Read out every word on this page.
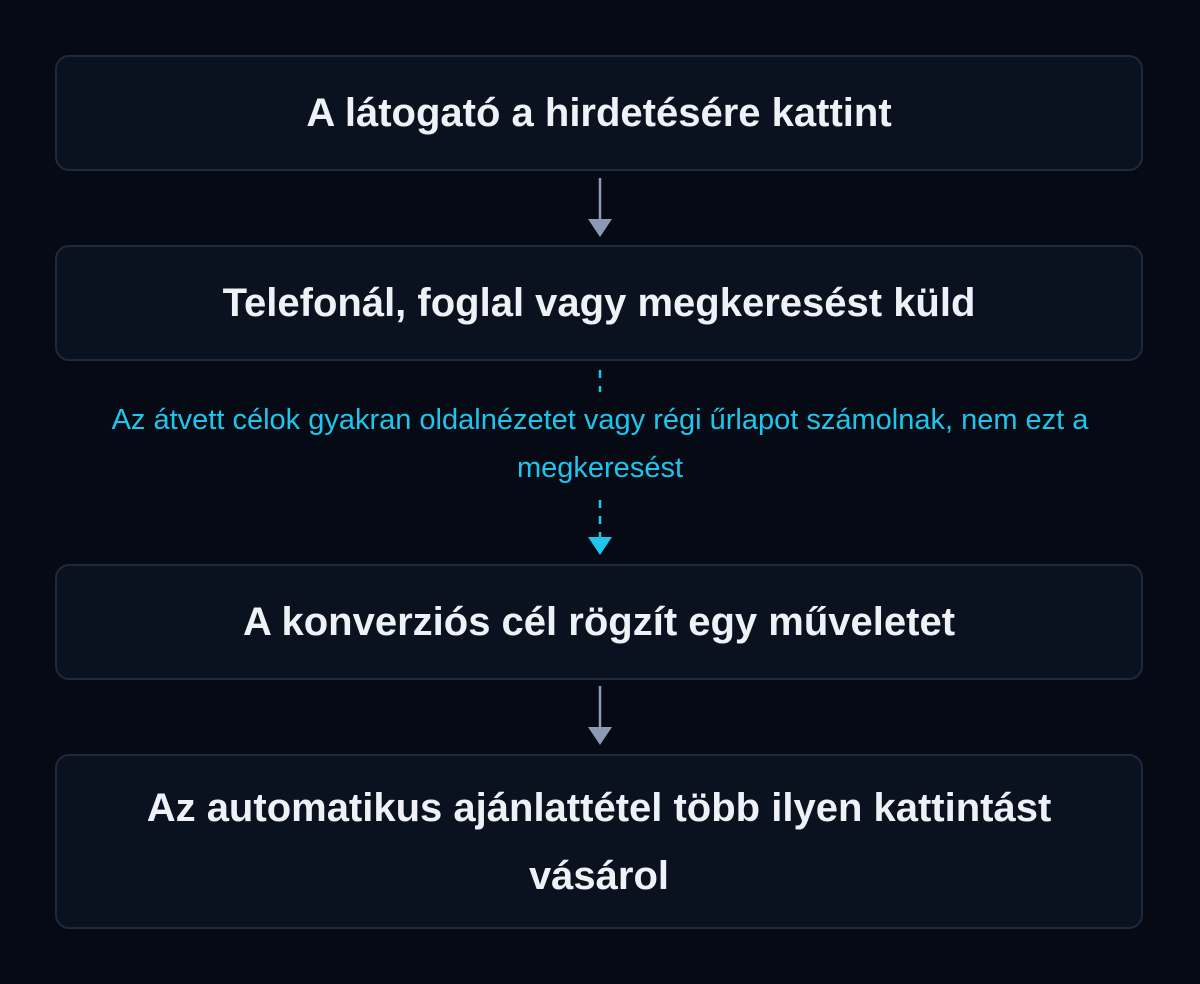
A látogató a hirdetésére kattint
Telefonál, foglal vagy megkeresést küld
Az átvett célok gyakran oldalnézetet vagy régi űrlapot számolnak, nem ezt a megkeresést
A konverziós cél rögzít egy műveletet
Az automatikus ajánlattétel több ilyen kattintást vásárol
